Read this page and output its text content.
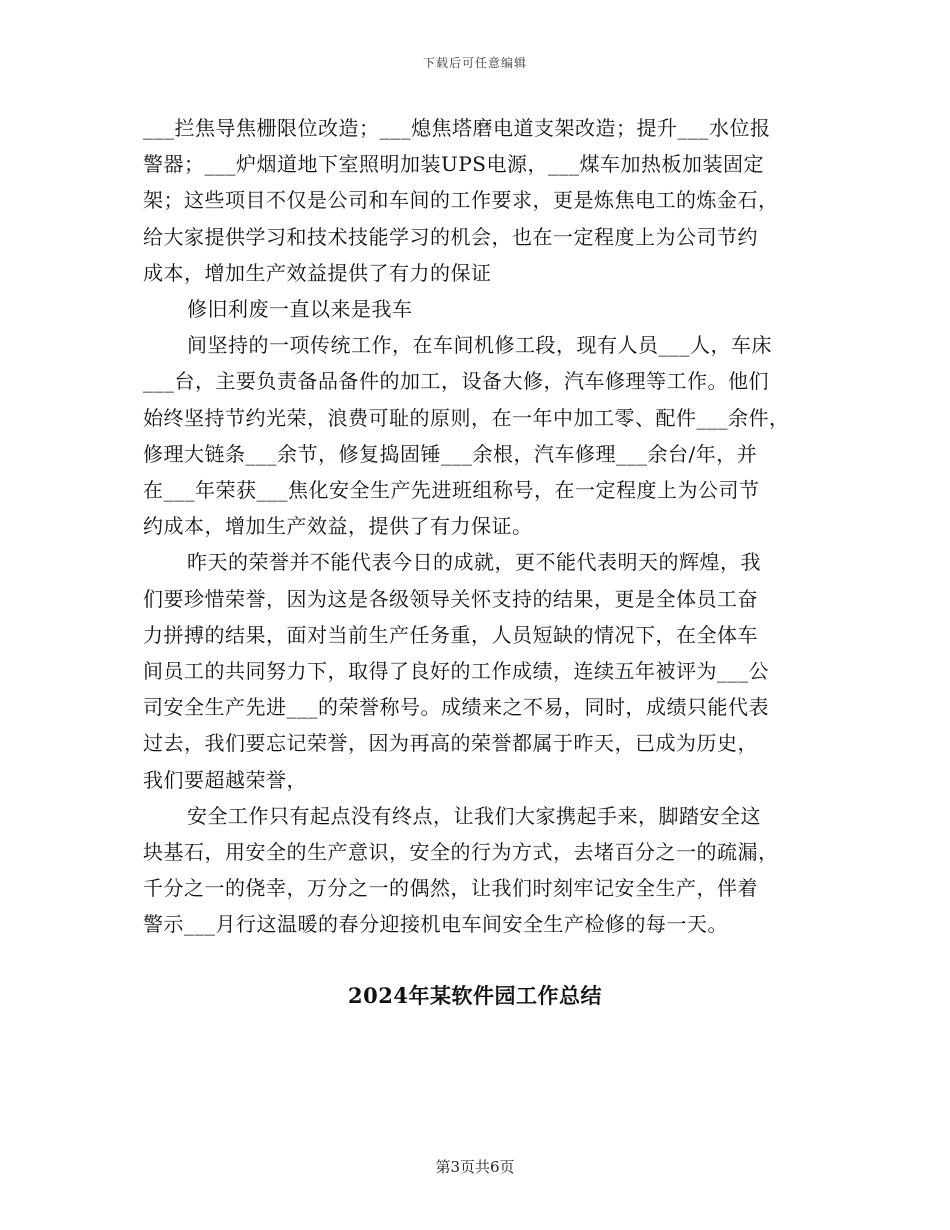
下载后可任意编辑
___拦焦导焦栅限位改造；___熄焦塔磨电道支架改造；提升___水位报
警器；___炉烟道地下室照明加装UPS电源，___煤车加热板加装固定
架；这些项目不仅是公司和车间的工作要求，更是炼焦电工的炼金石，
给大家提供学习和技术技能学习的机会，也在一定程度上为公司节约
成本，增加生产效益提供了有力的保证
修旧利废一直以来是我车
间坚持的一项传统工作，在车间机修工段，现有人员___人，车床
___台，主要负责备品备件的加工，设备大修，汽车修理等工作。他们
始终坚持节约光荣，浪费可耻的原则，在一年中加工零、配件___余件，
修理大链条___余节，修复捣固锤___余根，汽车修理___余台/年，并
在___年荣获___焦化安全生产先进班组称号，在一定程度上为公司节
约成本，增加生产效益，提供了有力保证。
昨天的荣誉并不能代表今日的成就，更不能代表明天的辉煌，我
们要珍惜荣誉，因为这是各级领导关怀支持的结果，更是全体员工奋
力拼搏的结果，面对当前生产任务重，人员短缺的情况下，在全体车
间员工的共同努力下，取得了良好的工作成绩，连续五年被评为___公
司安全生产先进___的荣誉称号。成绩来之不易，同时，成绩只能代表
过去，我们要忘记荣誉，因为再高的荣誉都属于昨天，已成为历史，
我们要超越荣誉，
安全工作只有起点没有终点，让我们大家携起手来，脚踏安全这
块基石，用安全的生产意识，安全的行为方式，去堵百分之一的疏漏，
千分之一的侥幸，万分之一的偶然，让我们时刻牢记安全生产，伴着
警示___月行这温暖的春分迎接机电车间安全生产检修的每一天。
2024年某软件园工作总结
第3页共6页
